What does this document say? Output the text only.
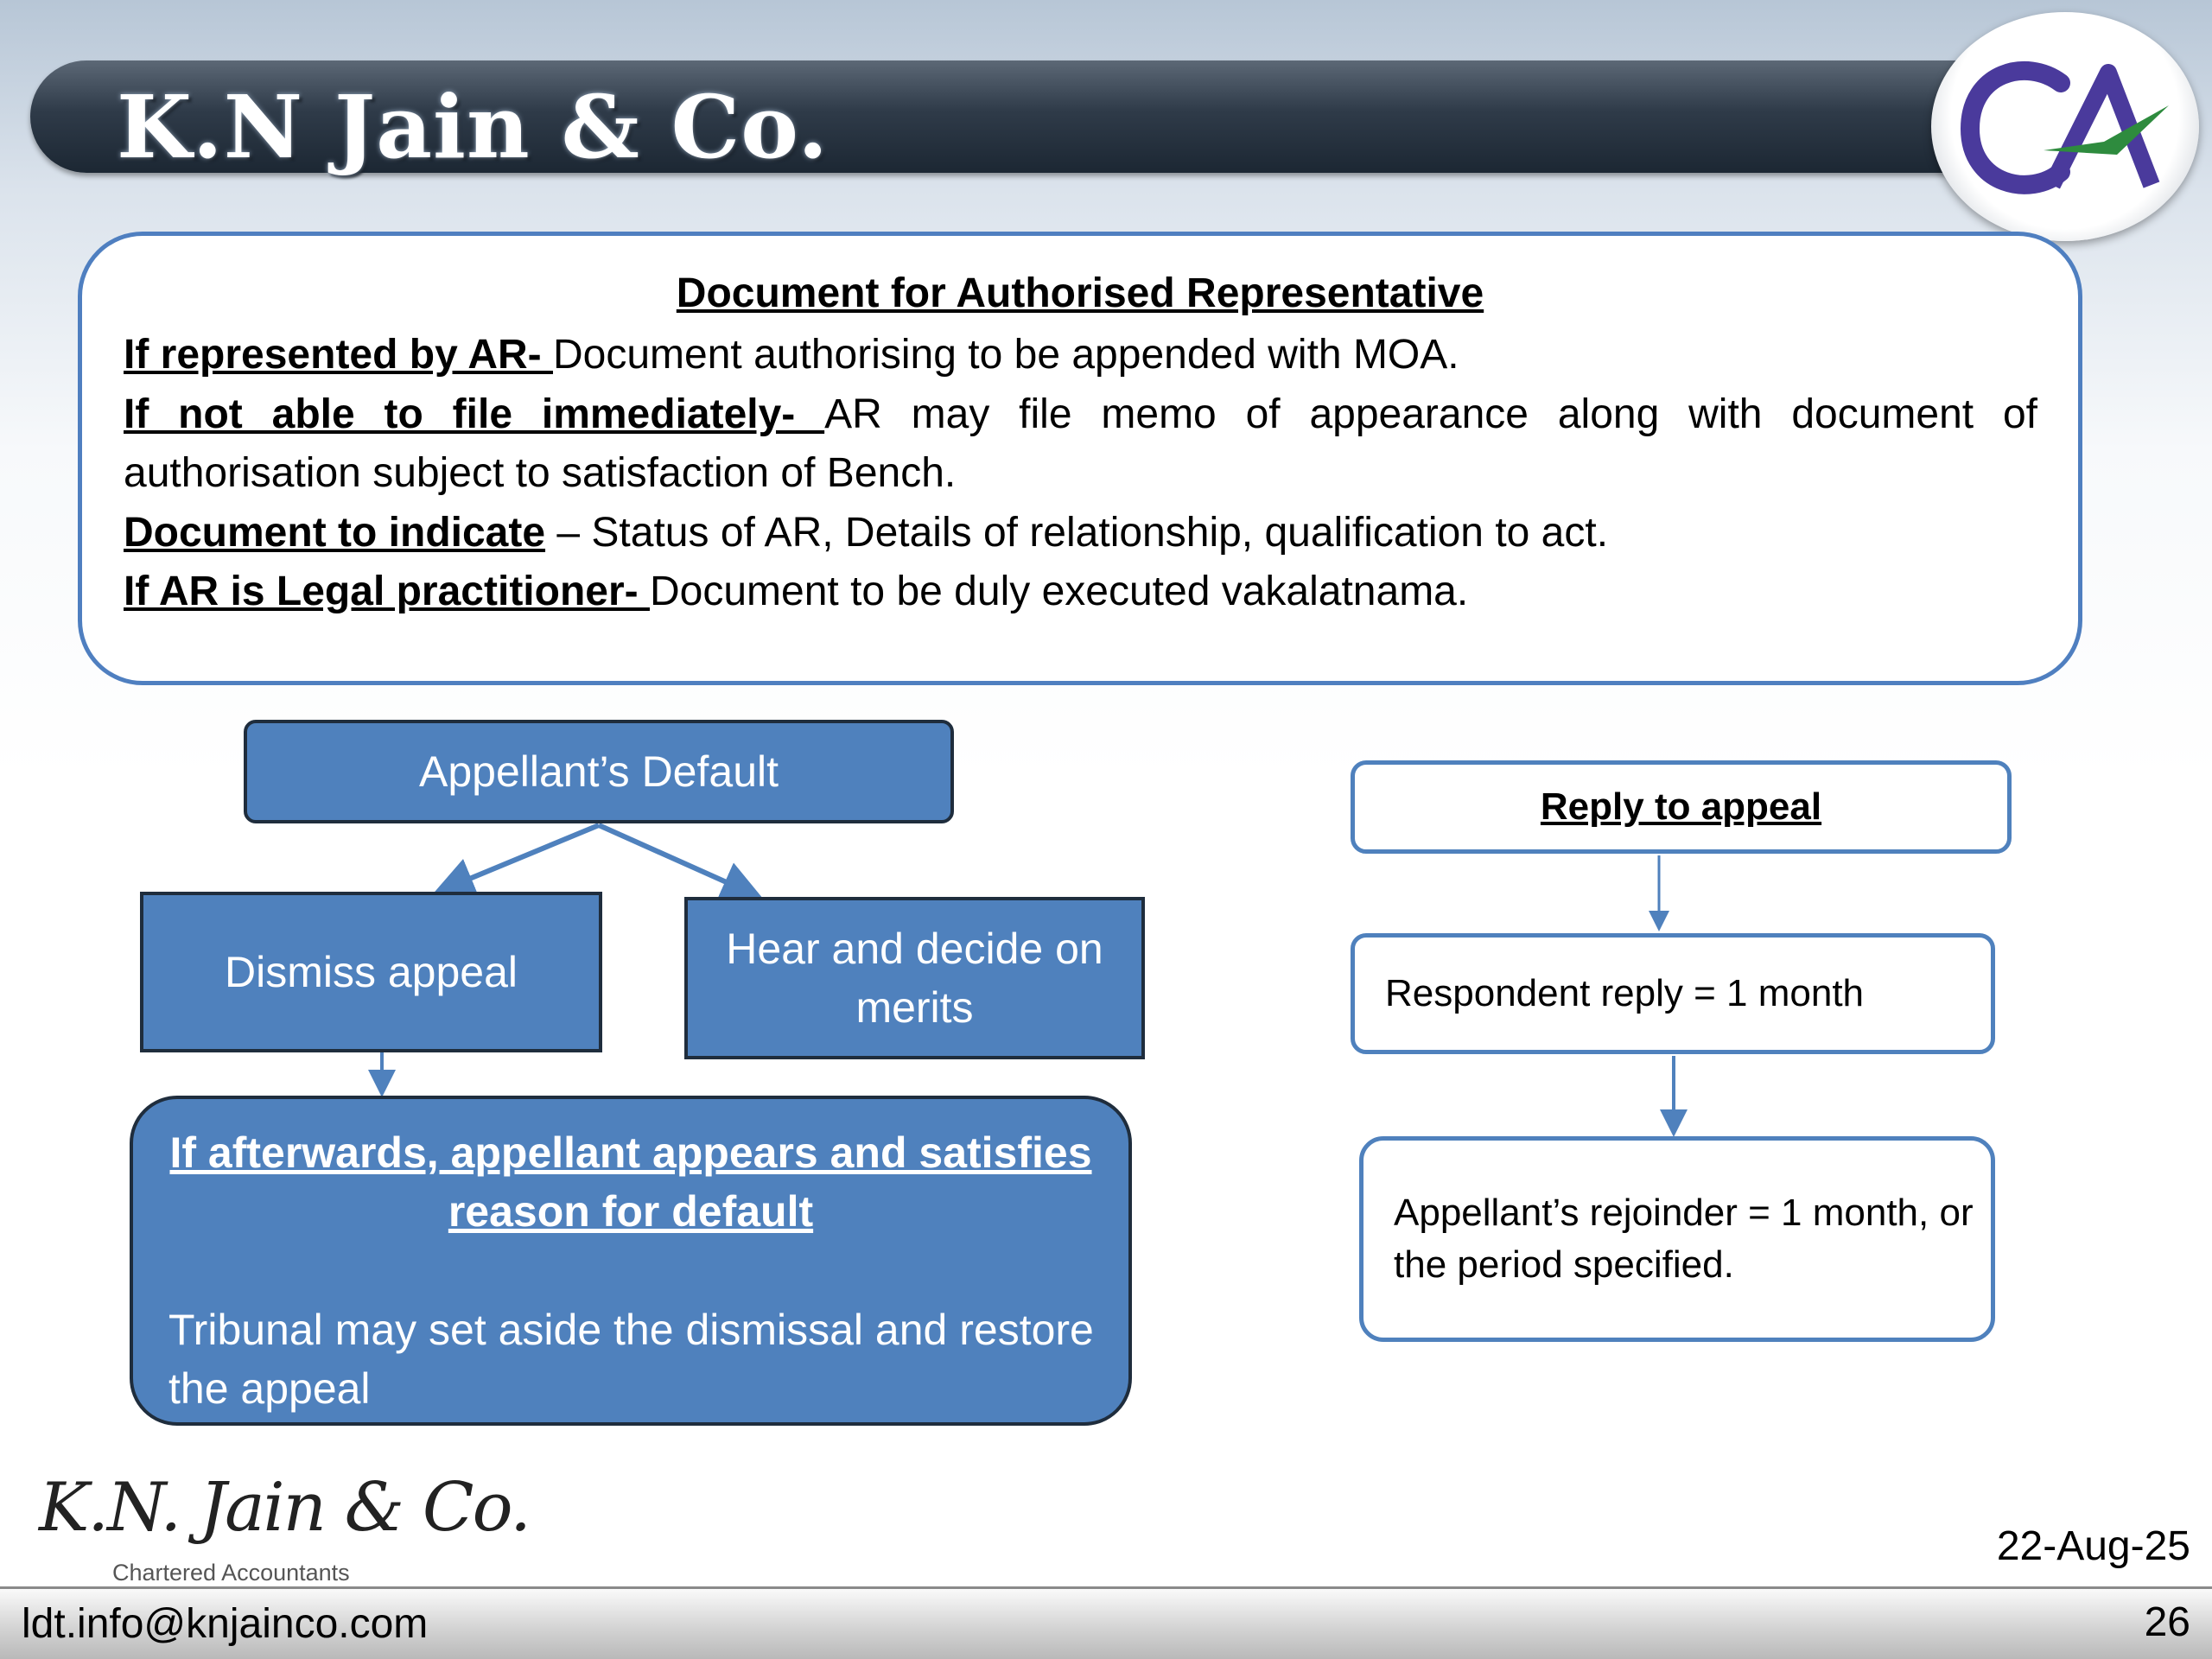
K.N Jain & Co.
Document for Authorised Representative
If represented by AR- Document authorising to be appended with MOA.
If not able to file immediately- AR may file memo of appearance along with document of
authorisation subject to satisfaction of Bench.
Document to indicate – Status of AR, Details of relationship, qualification to act.
If AR is Legal practitioner- Document to be duly executed vakalatnama.
Appellant’s Default
Dismiss appeal	Hear and decide on merits
If afterwards, appellant appears and satisfies reason for default
Tribunal may set aside the dismissal and restore the appeal
Reply to appeal
Respondent reply = 1 month
Appellant’s rejoinder = 1 month, or the period specified.
K.N. Jain & Co.
Chartered Accountants
22-Aug-25
ldt.info@knjainco.com	26
